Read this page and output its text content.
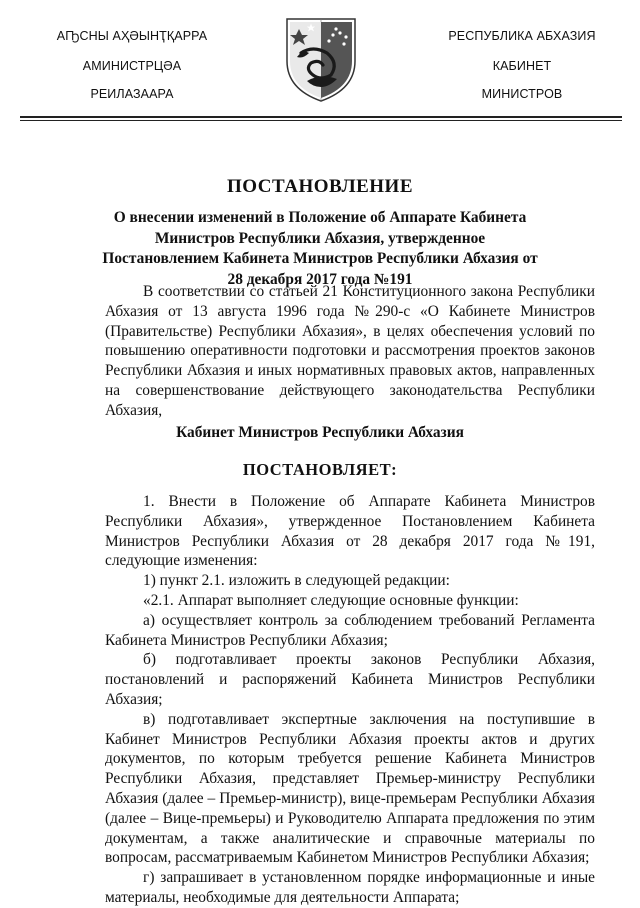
АҦСНЫ АҲӘЫНҬҚАРРА
АМИНИСТРЦӘА
РЕИЛАЗААРА
РЕСПУБЛИКА АБХАЗИЯ
КАБИНЕТ
МИНИСТРОВ
ПОСТАНОВЛЕНИЕ
О внесении изменений в Положение об Аппарате Кабинета Министров Республики Абхазия, утвержденное Постановлением Кабинета Министров Республики Абхазия от 28 декабря 2017 года №191

В соответствии со статьей 21 Конституционного закона Республики Абхазия от 13 августа 1996 года №290-с «О Кабинете Министров (Правительстве) Республики Абхазия», в целях обеспечения условий по повышению оперативности подготовки и рассмотрения проектов законов Республики Абхазия и иных нормативных правовых актов, направленных на совершенствование действующего законодательства Республики Абхазия,

Кабинет Министров Республики Абхазия
ПОСТАНОВЛЯЕТ:

1. Внести в Положение об Аппарате Кабинета Министров Республики Абхазия», утвержденное Постановлением Кабинета Министров Республики Абхазия от 28 декабря 2017 года №191, следующие изменения:

1) пункт 2.1. изложить в следующей редакции:

«2.1. Аппарат выполняет следующие основные функции:

а) осуществляет контроль за соблюдением требований Регламента Кабинета Министров Республики Абхазия;

б) подготавливает проекты законов Республики Абхазия, постановлений и распоряжений Кабинета Министров Республики Абхазия;

в) подготавливает экспертные заключения на поступившие в Кабинет Министров Республики Абхазия проекты актов и других документов, по которым требуется решение Кабинета Министров Республики Абхазия, представляет Премьер-министру Республики Абхазия (далее – Премьер-министр), вице-премьерам Республики Абхазия (далее – Вице-премьеры) и Руководителю Аппарата предложения по этим документам, а также аналитические и справочные материалы по вопросам, рассматриваемым Кабинетом Министров Республики Абхазия;

г) запрашивает в установленном порядке информационные и иные материалы, необходимые для деятельности Аппарата;
